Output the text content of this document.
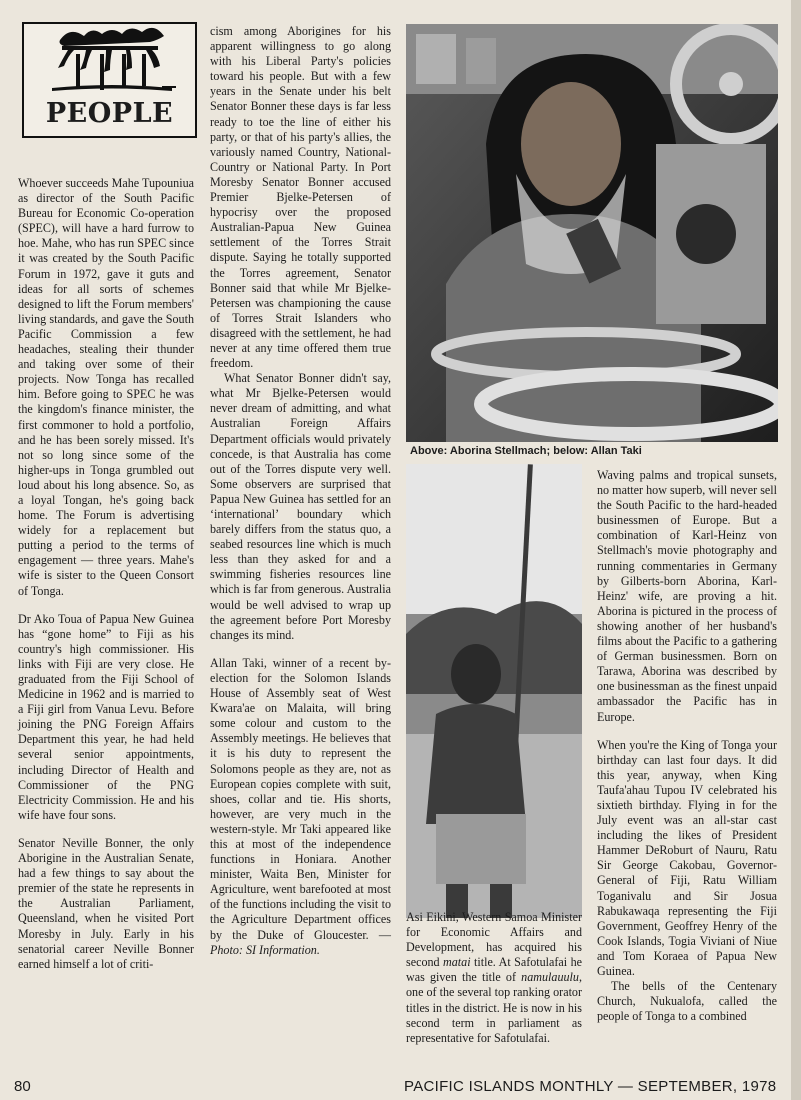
PEOPLE

Whoever succeeds Mahe Tupouniua as director of the South Pacific Bureau for Economic Co-operation (SPEC), will have a hard furrow to hoe. Mahe, who has run SPEC since it was created by the South Pacific Forum in 1972, gave it guts and ideas for all sorts of schemes designed to lift the Forum members' living standards, and gave the South Pacific Commission a few headaches, stealing their thunder and taking over some of their projects. Now Tonga has recalled him. Before going to SPEC he was the kingdom's finance minister, the first commoner to hold a portfolio, and he has been sorely missed. It's not so long since some of the higher-ups in Tonga grumbled out loud about his long absence. So, as a loyal Tongan, he's going back home. The Forum is advertising widely for a replacement but putting a period to the terms of engagement — three years. Mahe's wife is sister to the Queen Consort of Tonga.

Dr Ako Toua of Papua New Guinea has “gone home” to Fiji as his country's high commissioner. His links with Fiji are very close. He graduated from the Fiji School of Medicine in 1962 and is married to a Fiji girl from Vanua Levu. Before joining the PNG Foreign Affairs Department this year, he had held several senior appointments, including Director of Health and Commissioner of the PNG Electricity Commission. He and his wife have four sons.

Senator Neville Bonner, the only Aborigine in the Australian Senate, had a few things to say about the premier of the state he represents in the Australian Parliament, Queensland, when he visited Port Moresby in July. Early in his senatorial career Neville Bonner earned himself a lot of criti-

cism among Aborigines for his apparent willingness to go along with his Liberal Party's policies toward his people. But with a few years in the Senate under his belt Senator Bonner these days is far less ready to toe the line of either his party, or that of his party's allies, the variously named Country, National-Country or National Party. In Port Moresby Senator Bonner accused Premier Bjelke-Petersen of hypocrisy over the proposed Australian-Papua New Guinea settlement of the Torres Strait dispute. Saying he totally supported the Torres agreement, Senator Bonner said that while Mr Bjelke-Petersen was championing the cause of Torres Strait Islanders who disagreed with the settlement, he had never at any time offered them true freedom.

What Senator Bonner didn't say, what Mr Bjelke-Petersen would never dream of admitting, and what Australian Foreign Affairs Department officials would privately concede, is that Australia has come out of the Torres dispute very well. Some observers are surprised that Papua New Guinea has settled for an ‘international’ boundary which barely differs from the status quo, a seabed resources line which is much less than they asked for and a swimming fisheries resources line which is far from generous. Australia would be well advised to wrap up the agreement before Port Moresby changes its mind.

Allan Taki, winner of a recent by-election for the Solomon Islands House of Assembly seat of West Kwara'ae on Malaita, will bring some colour and custom to the Assembly meetings. He believes that it is his duty to represent the Solomons people as they are, not as European copies complete with suit, shoes, collar and tie. His shorts, however, are very much in the western-style. Mr Taki appeared like this at most of the independence functions in Honiara. Another minister, Waita Ben, Minister for Agriculture, went barefooted at most of the functions including the visit to the Agriculture Department offices by the Duke of Gloucester. — Photo: SI Information.

Above: Aborina Stellmach; below: Allan Taki

Asi Eikini, Western Samoa Minister for Economic Affairs and Development, has acquired his second matai title. At Safotulafai he was given the title of namulauulu, one of the several top ranking orator titles in the district. He is now in his second term in parliament as representative for Safotulafai.

Waving palms and tropical sunsets, no matter how superb, will never sell the South Pacific to the hard-headed businessmen of Europe. But a combination of Karl-Heinz von Stellmach's movie photography and running commentaries in Germany by Gilberts-born Aborina, Karl-Heinz' wife, are proving a hit. Aborina is pictured in the process of showing another of her husband's films about the Pacific to a gathering of German businessmen. Born on Tarawa, Aborina was described by one businessman as the finest unpaid ambassador the Pacific has in Europe.

When you're the King of Tonga your birthday can last four days. It did this year, anyway, when King Taufa'ahau Tupou IV celebrated his sixtieth birthday. Flying in for the July event was an all-star cast including the likes of President Hammer DeRoburt of Nauru, Ratu Sir George Cakobau, Governor-General of Fiji, Ratu William Toganivalu and Sir Josua Rabukawaqa representing the Fiji Government, Geoffrey Henry of the Cook Islands, Togia Viviani of Niue and Tom Koraea of Papua New Guinea.

The bells of the Centenary Church, Nukualofa, called the people of Tonga to a combined

80	PACIFIC ISLANDS MONTHLY — SEPTEMBER, 1978
